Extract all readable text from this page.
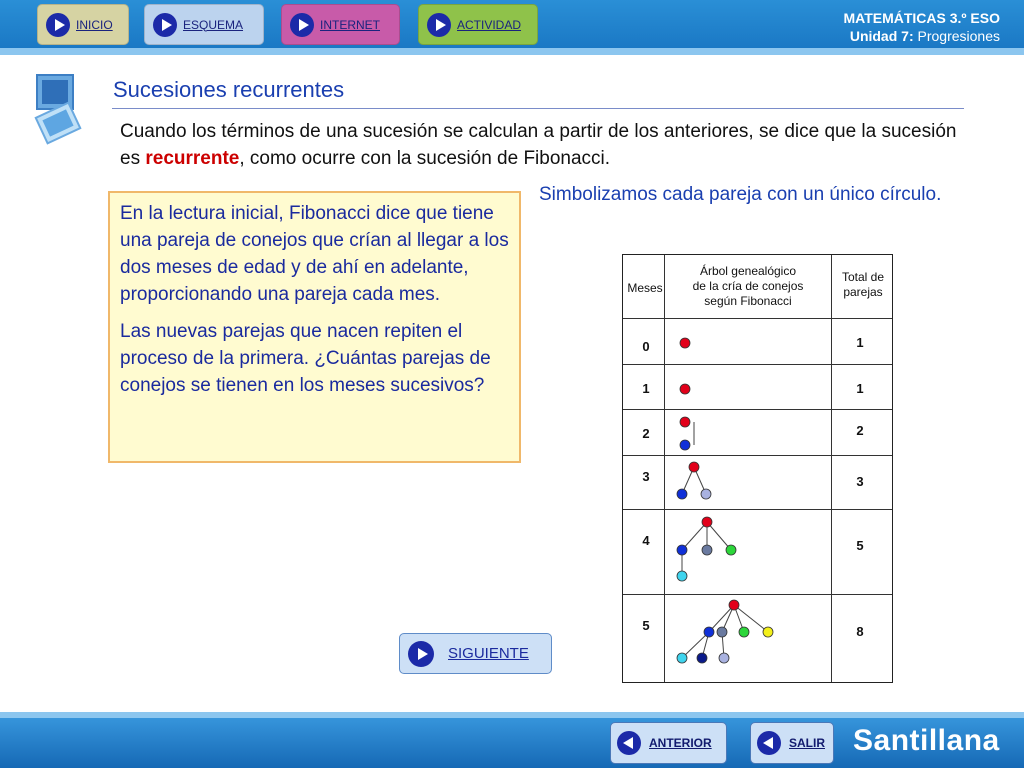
INICIO	ESQUEMA	INTERNET	ACTIVIDAD	MATEMÁTICAS 3.º ESO
Unidad 7: Progresiones
Sucesiones recurrentes
Cuando los términos de una sucesión se calculan a partir de los anteriores, se dice que la sucesión es recurrente, como ocurre con la sucesión de Fibonacci.

En la lectura inicial, Fibonacci dice que tiene una pareja de conejos que crían al llegar a los dos meses de edad y de ahí en adelante, proporcionando una pareja cada mes.

Las nuevas parejas que nacen repiten el proceso de la primera. ¿Cuántas parejas de conejos se tienen en los meses sucesivos?

Simbolizamos cada pareja con un único círculo.
Meses
Árbol genealógico
de la cría de conejos
según Fibonacci
Total de
parejas
0	1
1	1
2	2
3	3
4	5
5	8
SIGUIENTE
ANTERIOR	SALIR Santillana
